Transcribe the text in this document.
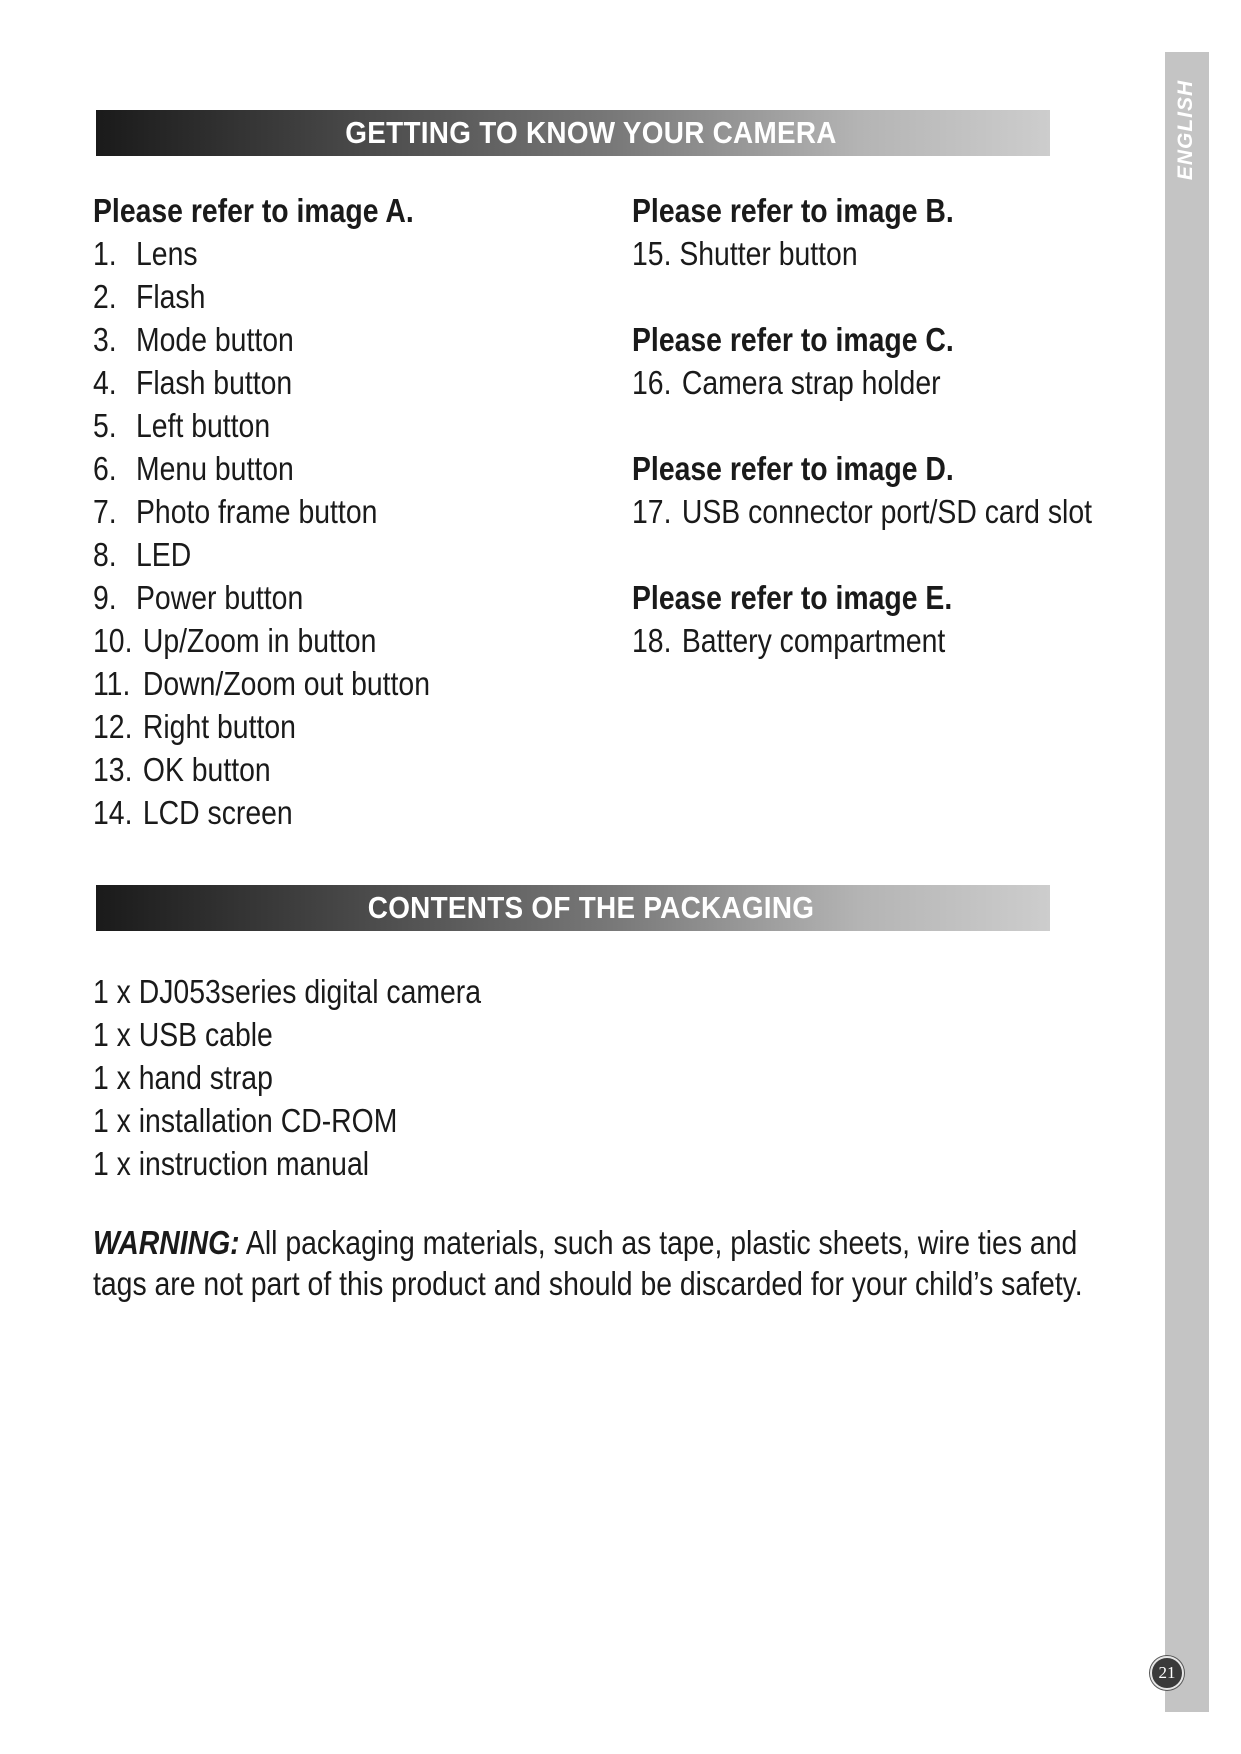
ENGLISH
GETTING TO KNOW YOUR CAMERA
Please refer to image A.
1. Lens
2. Flash
3. Mode button
4. Flash button
5. Left button
6. Menu button
7. Photo frame button
8. LED
9. Power button
10. Up/Zoom in button
11. Down/Zoom out button
12. Right button
13. OK button
14. LCD screen
Please refer to image B.
15. Shutter button
Please refer to image C.
16. Camera strap holder
Please refer to image D.
17. USB connector port/SD card slot
Please refer to image E.
18. Battery compartment
CONTENTS OF THE PACKAGING
1 x DJ053series digital camera
1 x USB cable
1 x hand strap
1 x installation CD-ROM
1 x instruction manual
WARNING: All packaging materials, such as tape, plastic sheets, wire ties and tags are not part of this product and should be discarded for your child’s safety.
21
